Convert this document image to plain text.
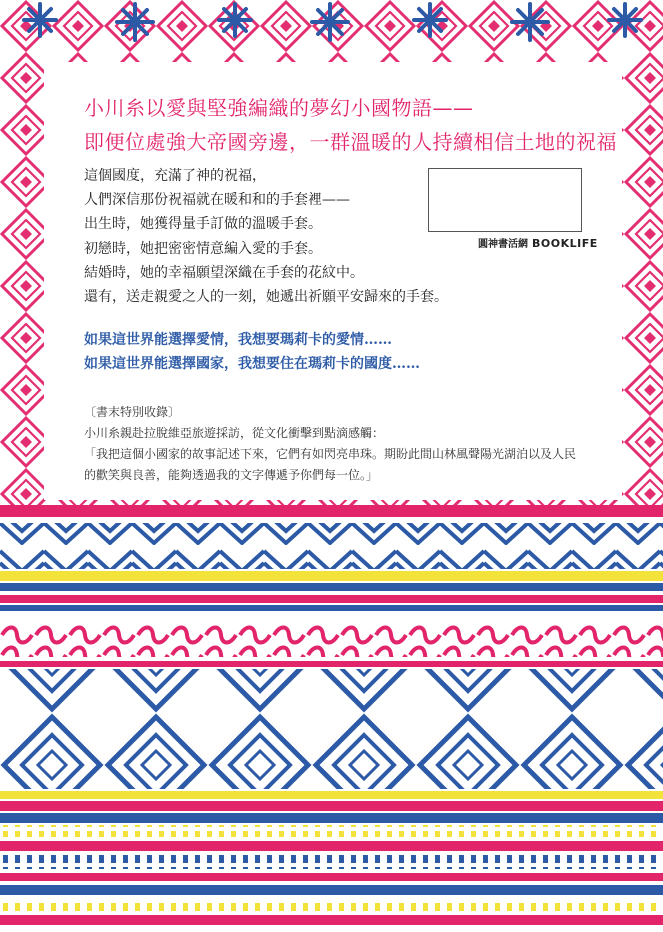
小川糸以愛與堅強編織的夢幻小國物語——
即便位處強大帝國旁邊，一群溫暖的人持續相信土地的祝福
這個國度，充滿了神的祝福，
人們深信那份祝福就在暖和和的手套裡——
出生時，她獲得量手訂做的溫暖手套。
初戀時，她把密密情意編入愛的手套。
結婚時，她的幸福願望深織在手套的花紋中。
還有，送走親愛之人的一刻，她遞出祈願平安歸來的手套。
圓神書活網 BOOKLIFE
如果這世界能選擇愛情，我想要瑪莉卡的愛情……
如果這世界能選擇國家，我想要住在瑪莉卡的國度……
〔書末特別收錄〕
小川糸親赴拉脫維亞旅遊採訪，從文化衝擊到點滴感觸：
「我把這個小國家的故事記述下來，它們有如閃亮串珠。期盼此間山林風聲陽光湖泊以及人民
的歡笑與良善，能夠透過我的文字傳遞予你們每一位。」
